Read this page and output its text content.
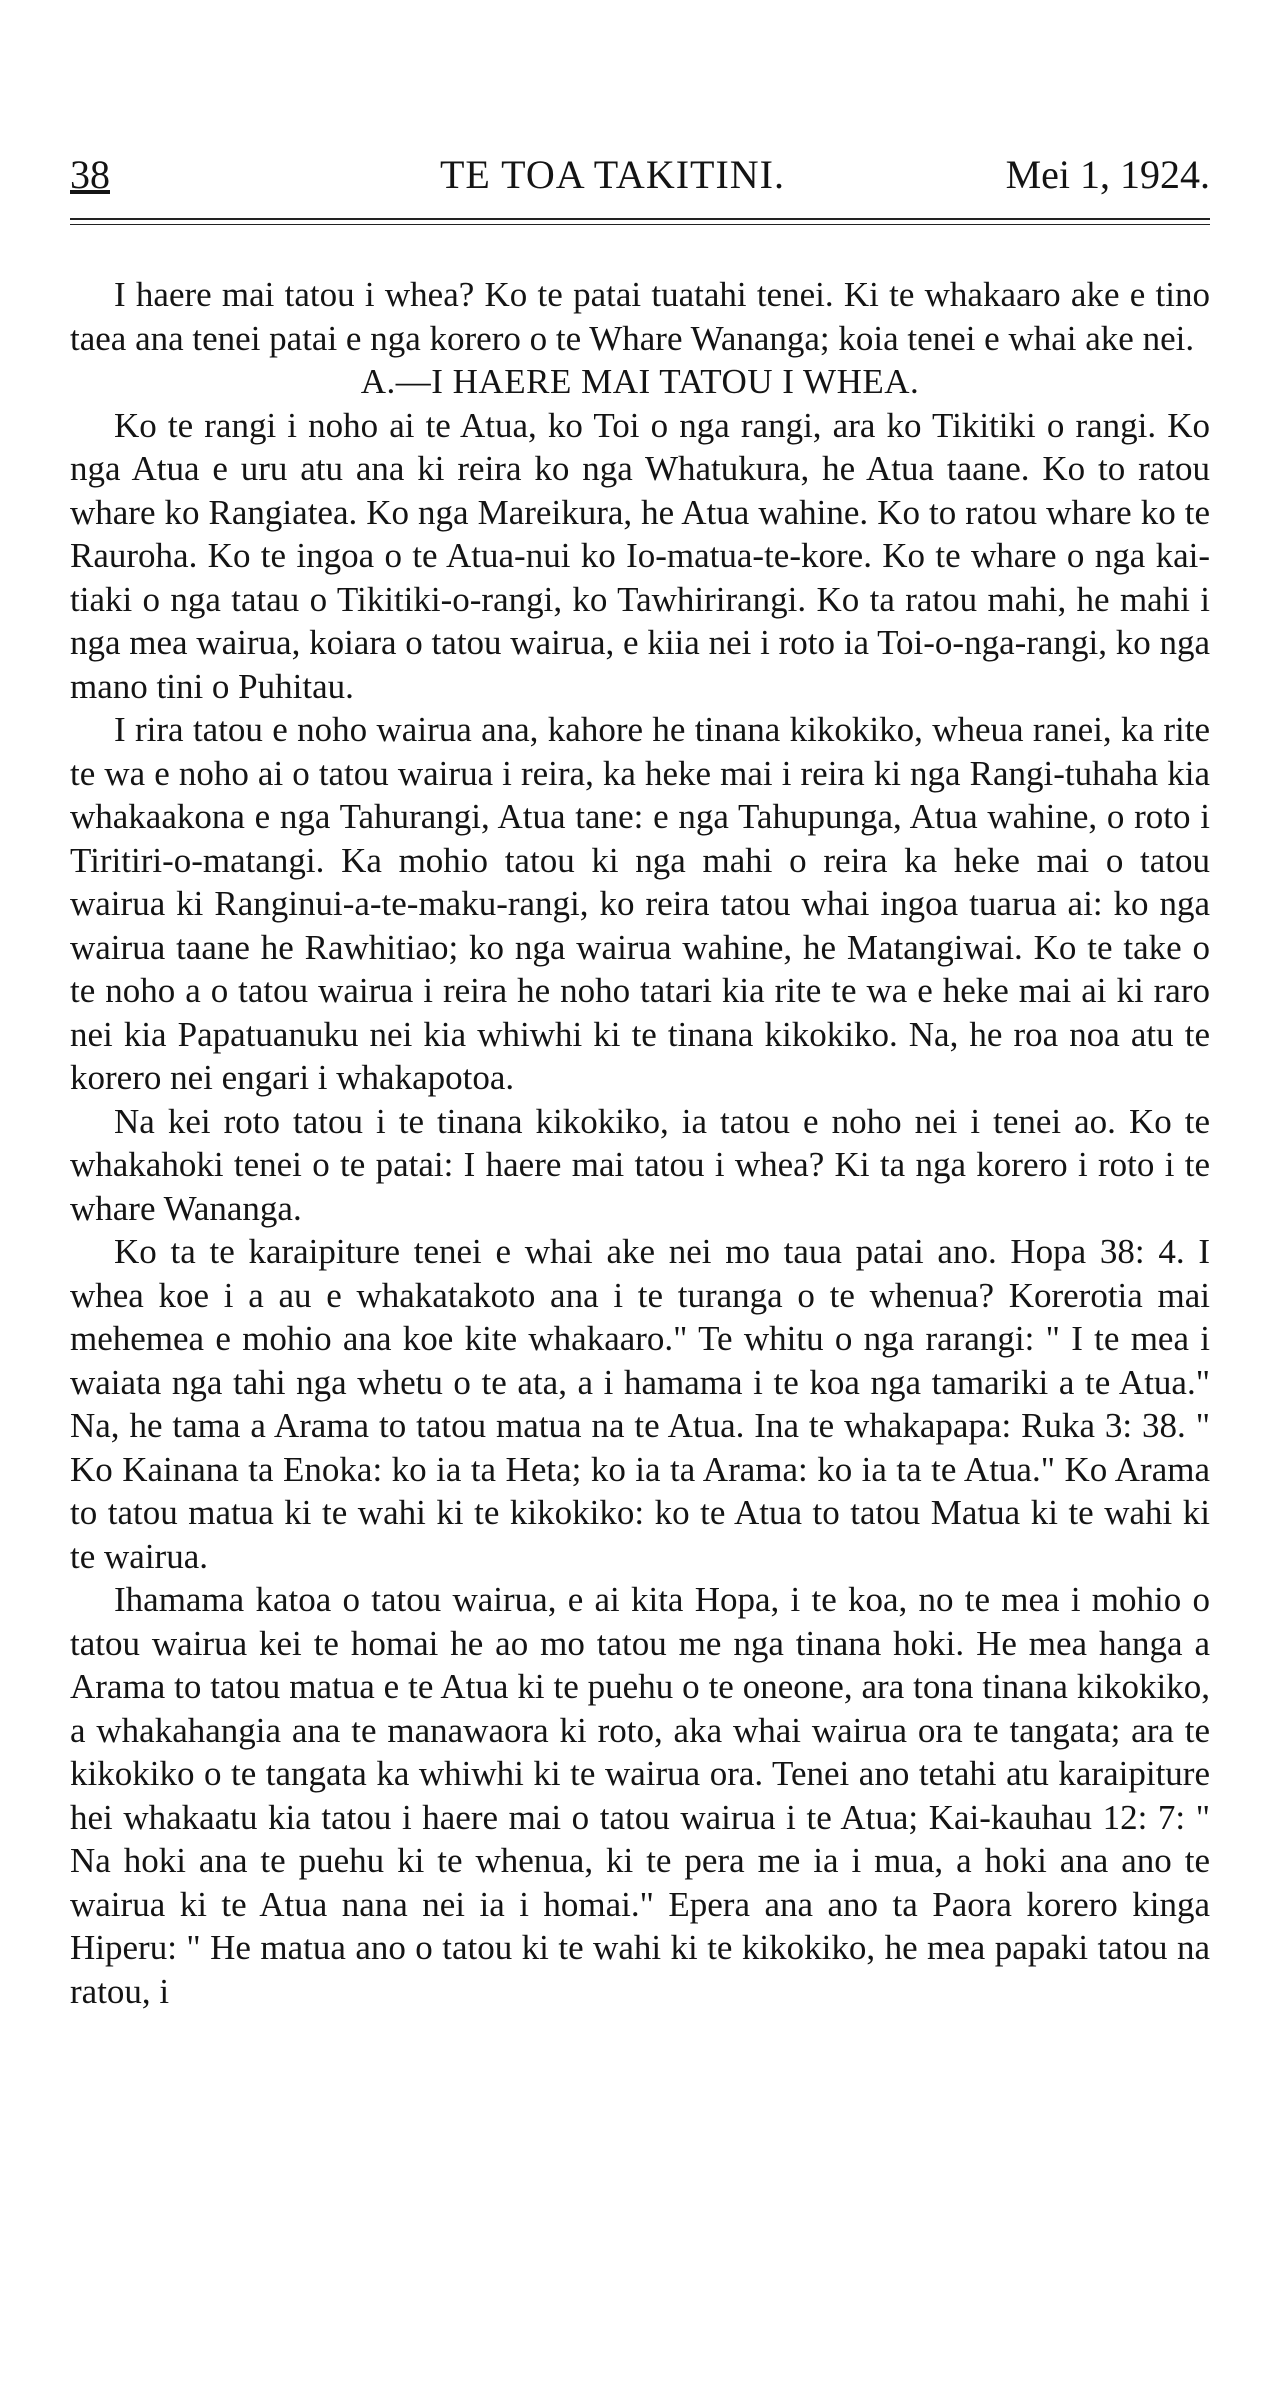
38	TE TOA TAKITINI.	Mei 1, 1924.

I haere mai tatou i whea? Ko te patai tuatahi tenei. Ki te whakaaro ake e tino taea ana tenei patai e nga korero o te Whare Wananga; koia tenei e whai ake nei.

A.—I HAERE MAI TATOU I WHEA.

Ko te rangi i noho ai te Atua, ko Toi o nga rangi, ara ko Tikitiki o rangi. Ko nga Atua e uru atu ana ki reira ko nga Whatukura, he Atua taane. Ko to ratou whare ko Rangiatea. Ko nga Mareikura, he Atua wahine. Ko to ratou whare ko te Rauroha. Ko te ingoa o te Atua-nui ko Io-matua-te-kore. Ko te whare o nga kai-tiaki o nga tatau o Tikitiki-o-rangi, ko Tawhirirangi. Ko ta ratou mahi, he mahi i nga mea wairua, koiara o tatou wairua, e kiia nei i roto ia Toi-o-nga-rangi, ko nga mano tini o Puhitau.

I rira tatou e noho wairua ana, kahore he tinana kikokiko, wheua ranei, ka rite te wa e noho ai o tatou wairua i reira, ka heke mai i reira ki nga Rangi-tuhaha kia whakaakona e nga Tahurangi, Atua tane: e nga Tahupunga, Atua wahine, o roto i Tiritiri-o-matangi. Ka mohio tatou ki nga mahi o reira ka heke mai o tatou wairua ki Ranginui-a-te-maku-rangi, ko reira tatou whai ingoa tuarua ai: ko nga wairua taane he Rawhitiao; ko nga wairua wahine, he Matangiwai. Ko te take o te noho a o tatou wairua i reira he noho tatari kia rite te wa e heke mai ai ki raro nei kia Papatuanuku nei kia whiwhi ki te tinana kikokiko. Na, he roa noa atu te korero nei engari i whakapotoa.

Na kei roto tatou i te tinana kikokiko, ia tatou e noho nei i tenei ao. Ko te whakahoki tenei o te patai: I haere mai tatou i whea? Ki ta nga korero i roto i te whare Wananga.

Ko ta te karaipiture tenei e whai ake nei mo taua patai ano. Hopa 38: 4. I whea koe i a au e whakatakoto ana i te turanga o te whenua? Korerotia mai mehemea e mohio ana koe kite whakaaro." Te whitu o nga rarangi: " I te mea i waiata nga tahi nga whetu o te ata, a i hamama i te koa nga tamariki a te Atua." Na, he tama a Arama to tatou matua na te Atua. Ina te whakapapa: Ruka 3: 38. " Ko Kainana ta Enoka: ko ia ta Heta; ko ia ta Arama: ko ia ta te Atua." Ko Arama to tatou matua ki te wahi ki te kikokiko: ko te Atua to tatou Matua ki te wahi ki te wairua.

Ihamama katoa o tatou wairua, e ai kita Hopa, i te koa, no te mea i mohio o tatou wairua kei te homai he ao mo tatou me nga tinana hoki. He mea hanga a Arama to tatou matua e te Atua ki te puehu o te oneone, ara tona tinana kikokiko, a whakahangia ana te manawaora ki roto, aka whai wairua ora te tangata; ara te kikokiko o te tangata ka whiwhi ki te wairua ora. Tenei ano tetahi atu karaipiture hei whakaatu kia tatou i haere mai o tatou wairua i te Atua; Kai-kauhau 12: 7: " Na hoki ana te puehu ki te whenua, ki te pera me ia i mua, a hoki ana ano te wairua ki te Atua nana nei ia i homai." Epera ana ano ta Paora korero kinga Hiperu: " He matua ano o tatou ki te wahi ki te kikokiko, he mea papaki tatou na ratou, i
